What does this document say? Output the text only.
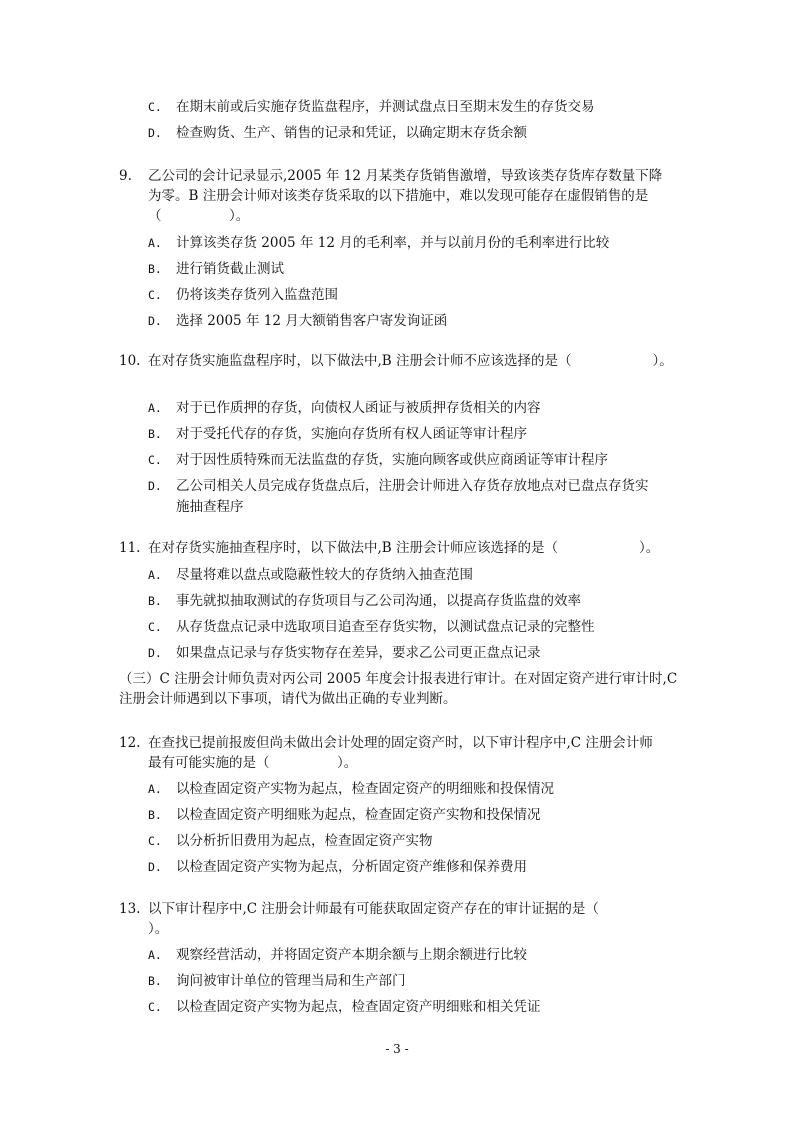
C. 在期末前或后实施存货监盘程序，并测试盘点日至期末发生的存货交易
D. 检查购货、生产、销售的记录和凭证，以确定期末存货余额
9. 乙公司的会计记录显示,2005 年 12 月某类存货销售激增，导致该类存货库存数量下降
为零。B 注册会计师对该类存货采取的以下措施中，难以发现可能存在虚假销售的是
（　　　　　）。
A. 计算该类存货 2005 年 12 月的毛利率，并与以前月份的毛利率进行比较
B. 进行销货截止测试
C. 仍将该类存货列入监盘范围
D. 选择 2005 年 12 月大额销售客户寄发询证函
10. 在对存货实施监盘程序时，以下做法中,B 注册会计师不应该选择的是（　　　　　　）。
A. 对于已作质押的存货，向债权人函证与被质押存货相关的内容
B. 对于受托代存的存货，实施向存货所有权人函证等审计程序
C. 对于因性质特殊而无法监盘的存货，实施向顾客或供应商函证等审计程序
D. 乙公司相关人员完成存货盘点后，注册会计师进入存货存放地点对已盘点存货实
施抽查程序
11. 在对存货实施抽查程序时，以下做法中,B 注册会计师应该选择的是（　　　　　　）。
A. 尽量将难以盘点或隐蔽性较大的存货纳入抽查范围
B. 事先就拟抽取测试的存货项目与乙公司沟通，以提高存货监盘的效率
C. 从存货盘点记录中选取项目追查至存货实物，以测试盘点记录的完整性
D. 如果盘点记录与存货实物存在差异，要求乙公司更正盘点记录
（三）C 注册会计师负责对丙公司 2005 年度会计报表进行审计。在对固定资产进行审计时,C
注册会计师遇到以下事项，请代为做出正确的专业判断。
12. 在查找已提前报废但尚未做出会计处理的固定资产时，以下审计程序中,C 注册会计师
最有可能实施的是（　　　　　）。
A. 以检查固定资产实物为起点，检查固定资产的明细账和投保情况
B. 以检查固定资产明细账为起点，检查固定资产实物和投保情况
C. 以分析折旧费用为起点，检查固定资产实物
D. 以检查固定资产实物为起点，分析固定资产维修和保养费用
13. 以下审计程序中,C 注册会计师最有可能获取固定资产存在的审计证据的是（
）。
A. 观察经营活动，并将固定资产本期余额与上期余额进行比较
B. 询问被审计单位的管理当局和生产部门
C. 以检查固定资产实物为起点，检查固定资产明细账和相关凭证
- 3 -
